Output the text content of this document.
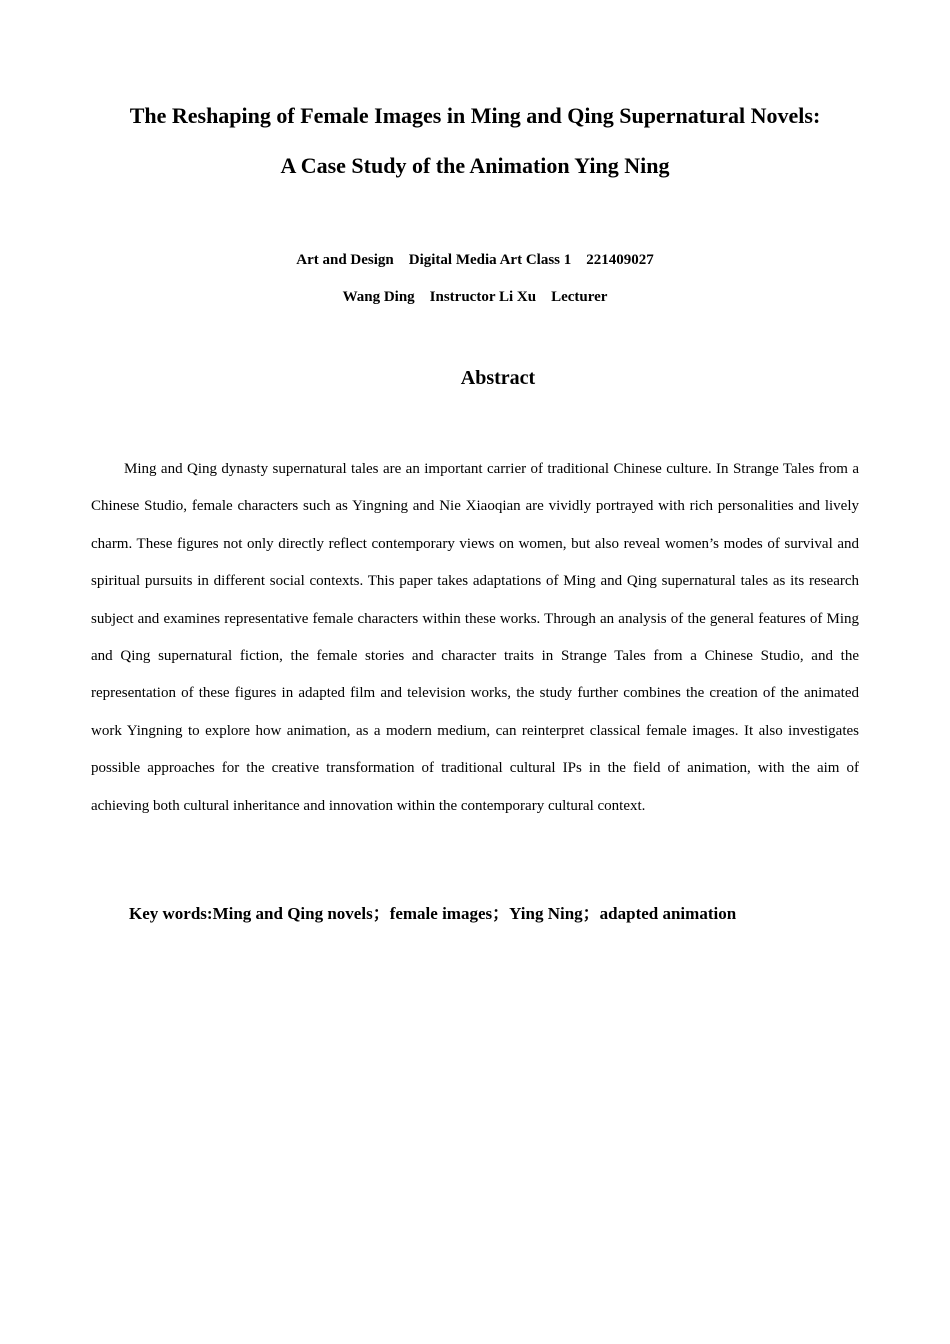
The Reshaping of Female Images in Ming and Qing Supernatural Novels:
A Case Study of the Animation Ying Ning
Art and Design    Digital Media Art Class 1    221409027
Wang Ding    Instructor Li Xu    Lecturer
Abstract

Ming and Qing dynasty supernatural tales are an important carrier of traditional Chinese culture. In Strange Tales from a Chinese Studio, female characters such as Yingning and Nie Xiaoqian are vividly portrayed with rich personalities and lively charm. These figures not only directly reflect contemporary views on women, but also reveal women’s modes of survival and spiritual pursuits in different social contexts. This paper takes adaptations of Ming and Qing supernatural tales as its research subject and examines representative female characters within these works. Through an analysis of the general features of Ming and Qing supernatural fiction, the female stories and character traits in Strange Tales from a Chinese Studio, and the representation of these figures in adapted film and television works, the study further combines the creation of the animated work Yingning to explore how animation, as a modern medium, can reinterpret classical female images. It also investigates possible approaches for the creative transformation of traditional cultural IPs in the field of animation, with the aim of achieving both cultural inheritance and innovation within the contemporary cultural context.

Key words:Ming and Qing novels；female images；Ying Ning；adapted animation
